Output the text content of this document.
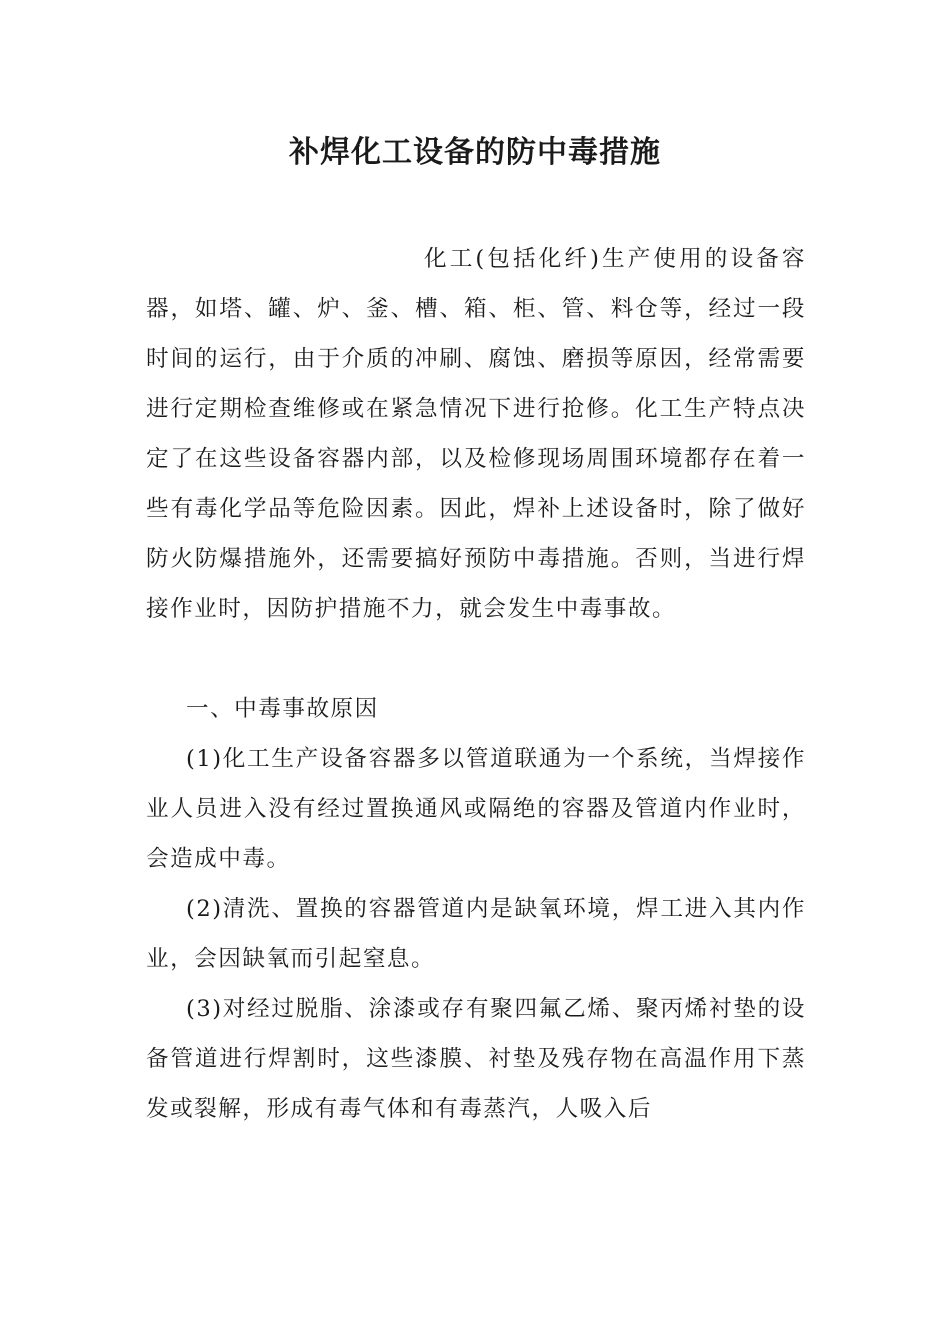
补焊化工设备的防中毒措施

化工(包括化纤)生产使用的设备容器，如塔、罐、炉、釜、槽、箱、柜、管、料仓等，经过一段时间的运行，由于介质的冲刷、腐蚀、磨损等原因，经常需要进行定期检查维修或在紧急情况下进行抢修。化工生产特点决定了在这些设备容器内部，以及检修现场周围环境都存在着一些有毒化学品等危险因素。因此，焊补上述设备时，除了做好防火防爆措施外，还需要搞好预防中毒措施。否则，当进行焊接作业时，因防护措施不力，就会发生中毒事故。

一、中毒事故原因

(1)化工生产设备容器多以管道联通为一个系统，当焊接作业人员进入没有经过置换通风或隔绝的容器及管道内作业时，会造成中毒。

(2)清洗、置换的容器管道内是缺氧环境，焊工进入其内作业，会因缺氧而引起窒息。

(3)对经过脱脂、涂漆或存有聚四氟乙烯、聚丙烯衬垫的设备管道进行焊割时，这些漆膜、衬垫及残存物在高温作用下蒸发或裂解，形成有毒气体和有毒蒸汽，人吸入后
